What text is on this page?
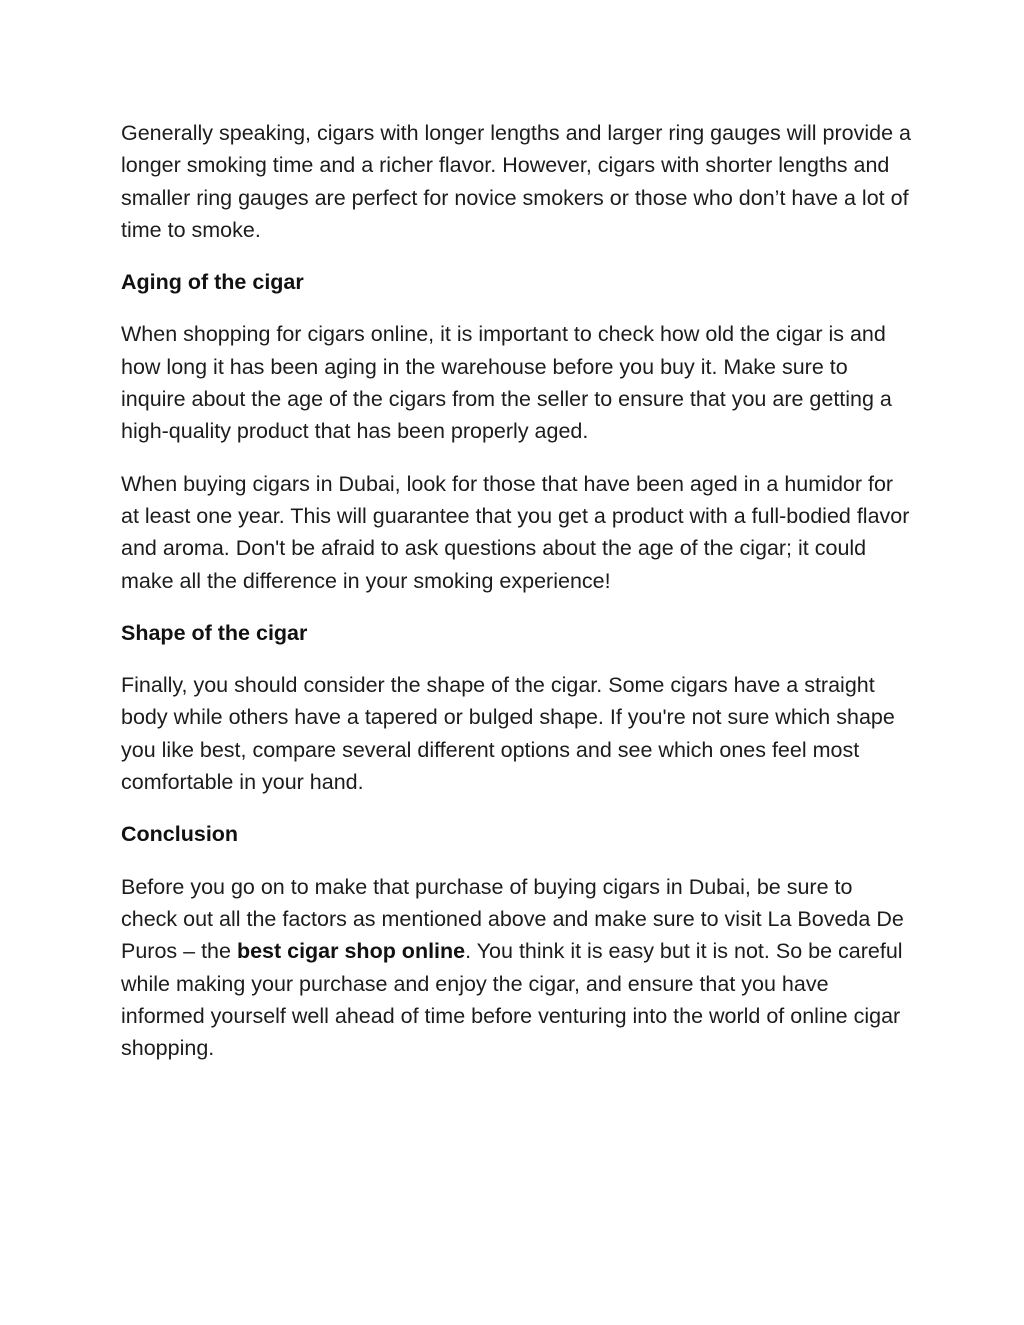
Generally speaking, cigars with longer lengths and larger ring gauges will provide a longer smoking time and a richer flavor. However, cigars with shorter lengths and smaller ring gauges are perfect for novice smokers or those who don’t have a lot of time to smoke.

Aging of the cigar

When shopping for cigars online, it is important to check how old the cigar is and how long it has been aging in the warehouse before you buy it. Make sure to inquire about the age of the cigars from the seller to ensure that you are getting a high-quality product that has been properly aged.

When buying cigars in Dubai, look for those that have been aged in a humidor for at least one year. This will guarantee that you get a product with a full-bodied flavor and aroma. Don't be afraid to ask questions about the age of the cigar; it could make all the difference in your smoking experience!

Shape of the cigar

Finally, you should consider the shape of the cigar. Some cigars have a straight body while others have a tapered or bulged shape. If you're not sure which shape you like best, compare several different options and see which ones feel most comfortable in your hand.

Conclusion

Before you go on to make that purchase of buying cigars in Dubai, be sure to check out all the factors as mentioned above and make sure to visit La Boveda De Puros – the best cigar shop online. You think it is easy but it is not. So be careful while making your purchase and enjoy the cigar, and ensure that you have informed yourself well ahead of time before venturing into the world of online cigar shopping.
